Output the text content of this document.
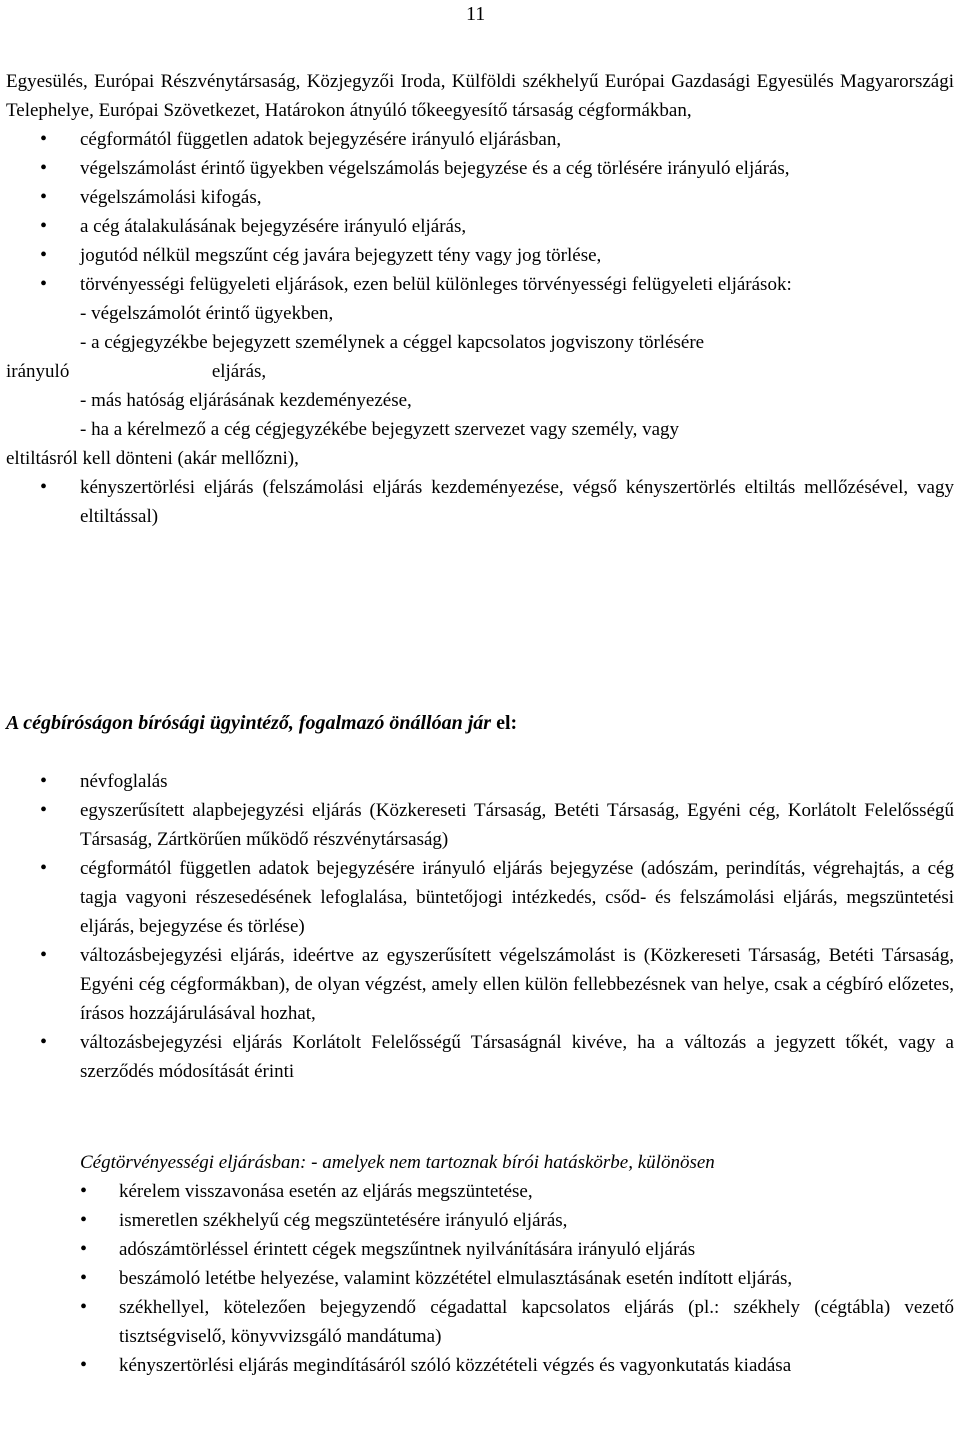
11
Egyesülés, Európai Részvénytársaság, Közjegyzői Iroda, Külföldi székhelyű Európai Gazdasági Egyesülés Magyarországi Telephelye, Európai Szövetkezet, Határokon átnyúló tőkeegyesítő társaság cégformákban,
• cégformától független adatok bejegyzésére irányuló eljárásban,
• végelszámolást érintő ügyekben végelszámolás bejegyzése és a cég törlésére irányuló eljárás,
• végelszámolási kifogás,
• a cég átalakulásának bejegyzésére irányuló eljárás,
• jogutód nélkül megszűnt cég javára bejegyzett tény vagy jog törlése,
• törvényességi felügyeleti eljárások, ezen belül különleges törvényességi felügyeleti eljárások:
- végelszámolót érintő ügyekben,
- a cégjegyzékbe bejegyzett személynek a céggel kapcsolatos jogviszony törlésére
irányuló                              eljárás,
- más hatóság eljárásának kezdeményezése,
- ha a kérelmező a cég cégjegyzékébe bejegyzett szervezet vagy személy, vagy
eltiltásról kell dönteni (akár mellőzni),
• kényszertörlési eljárás (felszámolási eljárás kezdeményezése, végső kényszertörlés eltiltás mellőzésével, vagy eltiltással)
A cégbíróságon bírósági ügyintéző, fogalmazó önállóan jár el:
• névfoglalás
• egyszerűsített alapbejegyzési eljárás (Közkereseti Társaság, Betéti Társaság, Egyéni cég, Korlátolt Felelősségű Társaság, Zártkörűen működő részvénytársaság)
• cégformától független adatok bejegyzésére irányuló eljárás bejegyzése (adószám, perindítás, végrehajtás, a cég tagja vagyoni részesedésének lefoglalása, büntetőjogi intézkedés, csőd- és felszámolási eljárás, megszüntetési eljárás, bejegyzése és törlése)
• változásbejegyzési eljárás, ideértve az egyszerűsített végelszámolást is (Közkereseti Társaság, Betéti Társaság, Egyéni cég cégformákban), de olyan végzést, amely ellen külön fellebbezésnek van helye, csak a cégbíró előzetes, írásos hozzájárulásával hozhat,
• változásbejegyzési eljárás Korlátolt Felelősségű Társaságnál kivéve, ha a változás a jegyzett tőkét, vagy a szerződés módosítását érinti
Cégtörvényességi eljárásban: - amelyek nem tartoznak bírói hatáskörbe, különösen
• kérelem visszavonása esetén az eljárás megszüntetése,
• ismeretlen székhelyű cég megszüntetésére irányuló eljárás,
• adószámtörléssel érintett cégek megszűntnek nyilvánítására irányuló eljárás
• beszámoló letétbe helyezése, valamint közzététel elmulasztásának esetén indított eljárás,
• székhellyel, kötelezően bejegyzendő cégadattal kapcsolatos eljárás (pl.: székhely (cégtábla) vezető tisztségviselő, könyvvizsgáló mandátuma)
• kényszertörlési eljárás megindításáról szóló közzétételi végzés és vagyonkutatás kiadása
